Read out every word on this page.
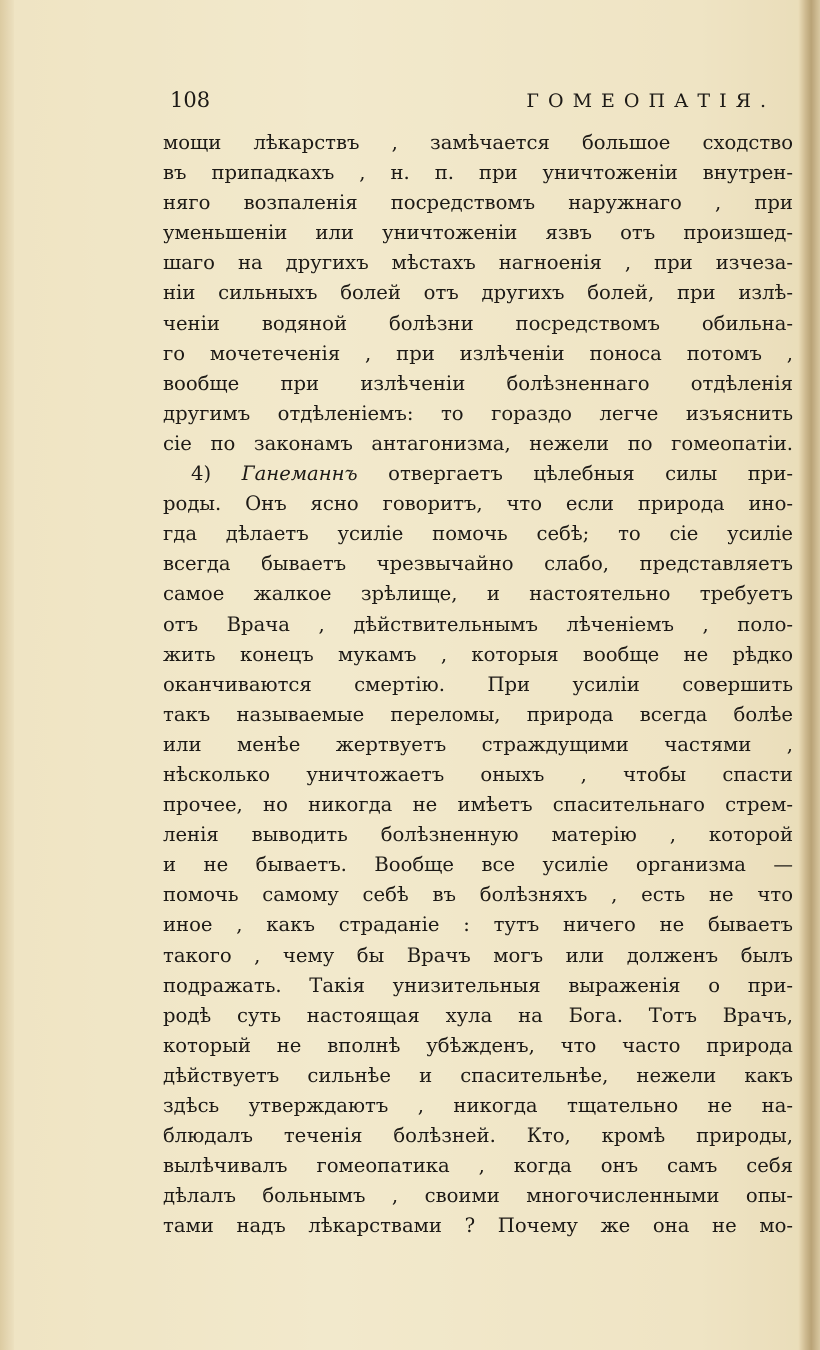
108	ГОМЕОПАТІЯ.
мощи лѣкарствъ , замѣчается большое сходство
въ припадкахъ , н. п. при уничтоженіи внутрен-
няго возпаленія посредствомъ наружнаго , при
уменьшеніи или уничтоженіи язвъ отъ произшед-
шаго на другихъ мѣстахъ нагноенія , при изчеза-
ніи сильныхъ болей отъ другихъ болей, при излѣ-
ченіи водяной болѣзни посредствомъ обильна-
го мочетеченія , при излѣченіи поноса потомъ ,
вообще при излѣченіи болѣзненнаго отдѣленія
другимъ отдѣленіемъ: то гораздо легче изъяснить
сіе по законамъ антагонизма, нежели по гомеопатіи.
4) Ганеманнъ отвергаетъ цѣлебныя силы при-
роды. Онъ ясно говоритъ, что если природа ино-
гда дѣлаетъ усиліе помочь себѣ; то сіе усиліе
всегда бываетъ чрезвычайно слабо, представляетъ
самое жалкое зрѣлище, и настоятельно требуетъ
отъ Врача , дѣйствительнымъ лѣченіемъ , поло-
жить конецъ мукамъ , которыя вообще не рѣдко
оканчиваются смертію. При усиліи совершить
такъ называемые переломы, природа всегда болѣе
или менѣе жертвуетъ страждущими частями ,
нѣсколько уничтожаетъ оныхъ , чтобы спасти
прочее, но никогда не имѣетъ спасительнаго стрем-
ленія выводить болѣзненную матерію , которой
и не бываетъ. Вообще все усиліе организма —
помочь самому себѣ въ болѣзняхъ , есть не что
иное , какъ страданіе : тутъ ничего не бываетъ
такого , чему бы Врачъ могъ или долженъ былъ
подражать. Такія унизительныя выраженія о при-
родѣ суть настоящая хула на Бога. Тотъ Врачъ,
который не вполнѣ убѣжденъ, что часто природа
дѣйствуетъ сильнѣе и спасительнѣе, нежели какъ
здѣсь утверждаютъ , никогда тщательно не на-
блюдалъ теченія болѣзней. Кто, кромѣ природы,
вылѣчивалъ гомеопатика , когда онъ самъ себя
дѣлалъ больнымъ , своими многочисленными опы-
тами надъ лѣкарствами ? Почему же она не мо-
